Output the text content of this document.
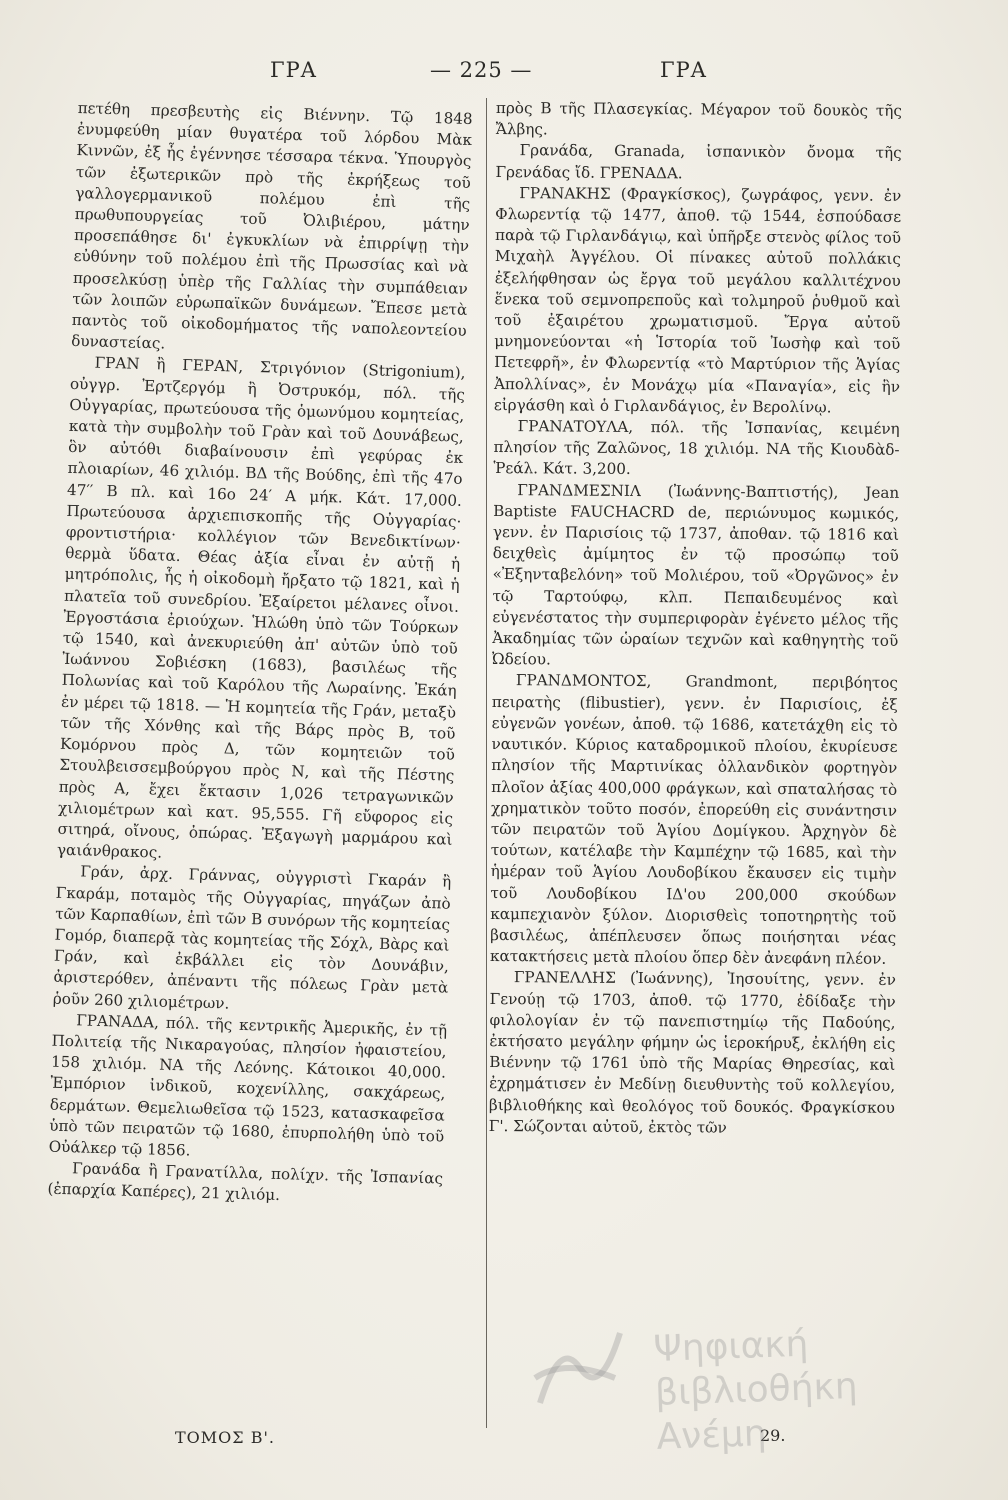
ΓΡΑ	— 225 —	ΓΡΑ

πετέθη πρεσβευτὴς εἰς Βιέννην. Τῷ 1848 ἐνυμφεύθη μίαν θυγατέρα τοῦ λόρδου Μὰκ Κιννῶν, ἐξ ἧς ἐγέννησε τέσσαρα τέκνα. Ὑπουργὸς τῶν ἐξωτερικῶν πρὸ τῆς ἐκρήξεως τοῦ γαλλογερμανικοῦ πολέμου ἐπὶ τῆς πρωθυπουργείας τοῦ Ὀλιβιέρου, μάτην προσεπάθησε δι' ἐγκυκλίων νὰ ἐπιρρίψῃ τὴν εὐθύνην τοῦ πολέμου ἐπὶ τῆς Πρωσσίας καὶ νὰ προσελκύσῃ ὑπὲρ τῆς Γαλλίας τὴν συμπάθειαν τῶν λοιπῶν εὐρωπαϊκῶν δυνάμεων. Ἔπεσε μετὰ παντὸς τοῦ οἰκοδομήματος τῆς ναπολεοντείου δυναστείας.

ΓΡΑΝ ἢ ΓΕΡΑΝ, Στριγόνιον (Strigonium), οὐγγρ. Ἐρτζεργόμ ἢ Ὀστρυκόμ, πόλ. τῆς Οὐγγαρίας, πρωτεύουσα τῆς ὁμωνύμου κομητείας, κατὰ τὴν συμβολὴν τοῦ Γρὰν καὶ τοῦ Δουνάβεως, ὃν αὐτόθι διαβαίνουσιν ἐπὶ γεφύρας ἐκ πλοιαρίων, 46 χιλιόμ. ΒΔ τῆς Βούδης, ἐπὶ τῆς 47ο 47′′ Β πλ. καὶ 16ο 24′ Α μήκ. Κάτ. 17,000. Πρωτεύουσα ἀρχιεπισκοπῆς τῆς Οὐγγαρίας· φροντιστήρια· κολλέγιον τῶν Βενεδικτίνων· θερμὰ ὕδατα. Θέας ἀξία εἶναι ἐν αὐτῇ ἡ μητρόπολις, ἧς ἡ οἰκοδομὴ ἤρξατο τῷ 1821, καὶ ἡ πλατεῖα τοῦ συνεδρίου. Ἐξαίρετοι μέλανες οἶνοι. Ἐργοστάσια ἐριούχων. Ἡλώθη ὑπὸ τῶν Τούρκων τῷ 1540, καὶ ἀνεκυριεύθη ἀπ' αὐτῶν ὑπὸ τοῦ Ἰωάννου Σοβιέσκη (1683), βασιλέως τῆς Πολωνίας καὶ τοῦ Καρόλου τῆς Λωραίνης. Ἐκάη ἐν μέρει τῷ 1818. — Ἡ κομητεία τῆς Γράν, μεταξὺ τῶν τῆς Χόνθης καὶ τῆς Βάρς πρὸς Β, τοῦ Κομόρνου πρὸς Δ, τῶν κομητειῶν τοῦ Στουλβεισσεμβούργου πρὸς Ν, καὶ τῆς Πέστης πρὸς Α, ἔχει ἔκτασιν 1,026 τετραγωνικῶν χιλιομέτρων καὶ κατ. 95,555. Γῆ εὔφορος εἰς σιτηρά, οἴνους, ὀπώρας. Ἐξαγωγὴ μαρμάρου καὶ γαιάνθρακος.

Γράν, ἀρχ. Γράννας, οὐγγριστὶ Γκαράν ἢ Γκαράμ, ποταμὸς τῆς Οὐγγαρίας, πηγάζων ἀπὸ τῶν Καρπαθίων, ἐπὶ τῶν Β συνόρων τῆς κομητείας Γομόρ, διαπερᾷ τὰς κομητείας τῆς Σόχλ, Βὰρς καὶ Γράν, καὶ ἐκβάλλει εἰς τὸν Δουνάβιν, ἀριστερόθεν, ἀπέναντι τῆς πόλεως Γρὰν μετὰ ῥοῦν 260 χιλιομέτρων.

ΓΡΑΝΑΔΑ, πόλ. τῆς κεντρικῆς Ἀμερικῆς, ἐν τῇ Πολιτείᾳ τῆς Νικαραγούας, πλησίον ἠφαιστείου, 158 χιλιόμ. ΝΑ τῆς Λεόνης. Κάτοικοι 40,000. Ἐμπόριον ἰνδικοῦ, κοχενίλλης, σακχάρεως, δερμάτων. Θεμελιωθεῖσα τῷ 1523, κατασκαφεῖσα ὑπὸ τῶν πειρατῶν τῷ 1680, ἐπυρπολήθη ὑπὸ τοῦ Οὐάλκερ τῷ 1856.

Γρανάδα ἢ Γρανατίλλα, πολίχν. τῆς Ἰσπανίας (ἐπαρχία Καπέρες), 21 χιλιόμ.

πρὸς Β τῆς Πλασεγκίας. Μέγαρον τοῦ δουκὸς τῆς Ἄλβης.

Γρανάδα, Granada, ἰσπανικὸν ὄνομα τῆς Γρενάδας ἴδ. ΓΡΕΝΑΔΑ.

ΓΡΑΝΑΚΗΣ (Φραγκίσκος), ζωγράφος, γενν. ἐν Φλωρεντίᾳ τῷ 1477, ἀποθ. τῷ 1544, ἐσπούδασε παρὰ τῷ Γιρλανδάγιῳ, καὶ ὑπῆρξε στενὸς φίλος τοῦ Μιχαὴλ Ἀγγέλου. Οἱ πίνακες αὐτοῦ πολλάκις ἐξελήφθησαν ὡς ἔργα τοῦ μεγάλου καλλιτέχνου ἕνεκα τοῦ σεμνοπρεποῦς καὶ τολμηροῦ ῥυθμοῦ καὶ τοῦ ἐξαιρέτου χρωματισμοῦ. Ἔργα αὐτοῦ μνημονεύονται «ἡ Ἱστορία τοῦ Ἰωσὴφ καὶ τοῦ Πετεφρῆ», ἐν Φλωρεντίᾳ «τὸ Μαρτύριον τῆς Ἁγίας Ἀπολλίνας», ἐν Μονάχῳ μία «Παναγία», εἰς ἣν εἰργάσθη καὶ ὁ Γιρλανδάγιος, ἐν Βερολίνῳ.

ΓΡΑΝΑΤΟΥΛΑ, πόλ. τῆς Ἰσπανίας, κειμένη πλησίον τῆς Ζαλῶνος, 18 χιλιόμ. ΝΑ τῆς Κιουδὰδ-Ῥεάλ. Κάτ. 3,200.

ΓΡΑΝΔΜΕΣΝΙΛ (Ἰωάννης-Βαπτιστής), Jean Baptiste FAUCHACRD de, περιώνυμος κωμικός, γενν. ἐν Παρισίοις τῷ 1737, ἀποθαν. τῷ 1816 καὶ δειχθεὶς ἀμίμητος ἐν τῷ προσώπῳ τοῦ «Ἐξηνταβελόνη» τοῦ Μολιέρου, τοῦ «Ὀργῶνος» ἐν τῷ Ταρτούφῳ, κλπ. Πεπαιδευμένος καὶ εὐγενέστατος τὴν συμπεριφορὰν ἐγένετο μέλος τῆς Ἀκαδημίας τῶν ὡραίων τεχνῶν καὶ καθηγητὴς τοῦ Ὠδείου.

ΓΡΑΝΔΜΟΝΤΟΣ, Grandmont, περιβόητος πειρατὴς (flibustier), γενν. ἐν Παρισίοις, ἐξ εὐγενῶν γονέων, ἀποθ. τῷ 1686, κατετάχθη εἰς τὸ ναυτικόν. Κύριος καταδρομικοῦ πλοίου, ἐκυρίευσε πλησίον τῆς Μαρτινίκας ὀλλανδικὸν φορτηγὸν πλοῖον ἀξίας 400,000 φράγκων, καὶ σπαταλήσας τὸ χρηματικὸν τοῦτο ποσόν, ἐπορεύθη εἰς συνάντησιν τῶν πειρατῶν τοῦ Ἁγίου Δομίγκου. Ἀρχηγὸν δὲ τούτων, κατέλαβε τὴν Καμπέχην τῷ 1685, καὶ τὴν ἡμέραν τοῦ Ἁγίου Λουδοβίκου ἔκαυσεν εἰς τιμὴν τοῦ Λουδοβίκου ΙΔ'ου 200,000 σκούδων καμπεχιανὸν ξύλον. Διορισθεὶς τοποτηρητὴς τοῦ βασιλέως, ἀπέπλευσεν ὅπως ποιήσηται νέας κατακτήσεις μετὰ πλοίου ὅπερ δὲν ἀνεφάνη πλέον.

ΓΡΑΝΕΛΛΗΣ (Ἰωάννης), Ἰησουίτης, γενν. ἐν Γενούῃ τῷ 1703, ἀποθ. τῷ 1770, ἐδίδαξε τὴν φιλολογίαν ἐν τῷ πανεπιστημίῳ τῆς Παδούης, ἐκτήσατο μεγάλην φήμην ὡς ἱεροκήρυξ, ἐκλήθη εἰς Βιέννην τῷ 1761 ὑπὸ τῆς Μαρίας Θηρεσίας, καὶ ἐχρημάτισεν ἐν Μεδίνῃ διευθυντὴς τοῦ κολλεγίου, βιβλιοθήκης καὶ θεολόγος τοῦ δουκός. Φραγκίσκου Γ'. Σώζονται αὐτοῦ, ἐκτὸς τῶν

ΤΟΜΟΣ Β'.	29.
Ψηφιακή
βιβλιοθήκη
Ανέμη
